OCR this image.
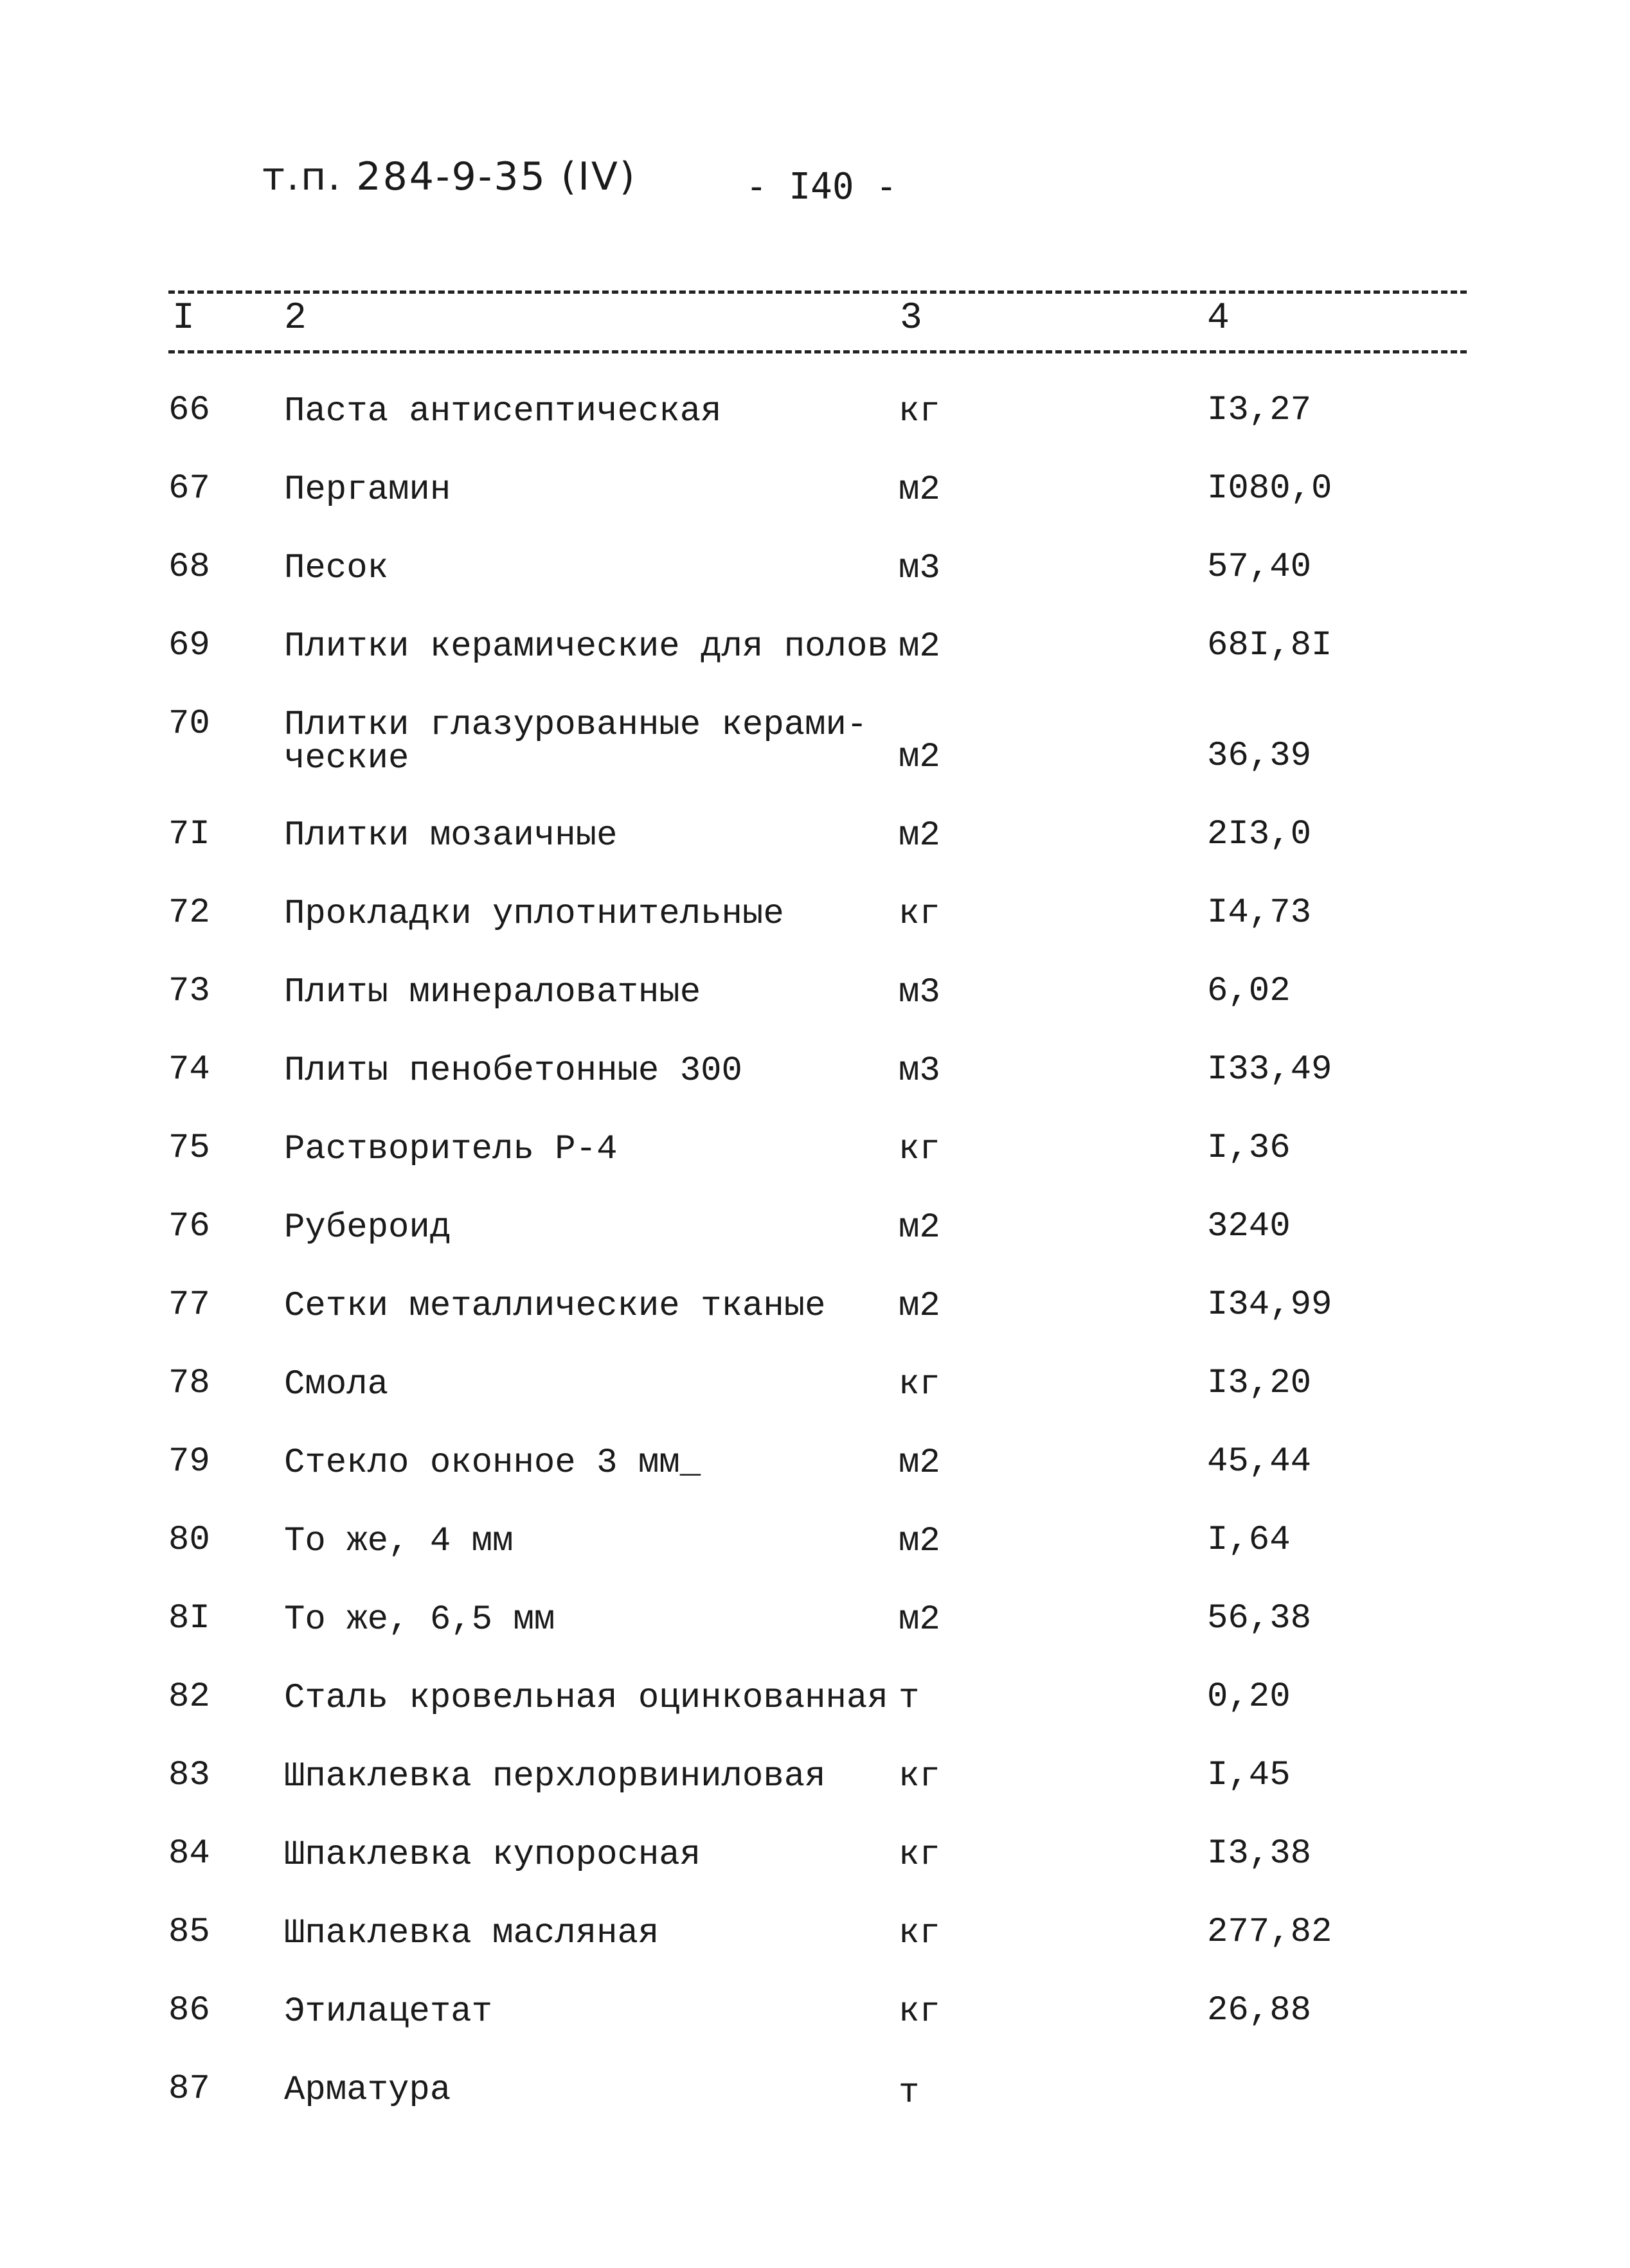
т.п. 284-9-35 (IV)	- I40 -
I 2	3	4
66 Паста антисептическая	кг	I3,27
67 Пергамин	м2	I080,0
68 Песок	м3	57,40
69 Плитки керамические для полов м2	68I,8I
70 Плитки глазурованные керами-
ческие	м2	36,39
7I Плитки мозаичные	м2	2I3,0
72 Прокладки уплотнительные	кг	I4,73
73 Плиты минераловатные	м3	6,02
74 Плиты пенобетонные 300	м3	I33,49
75 Растворитель Р-4	кг	I,36
76 Рубероид	м2	3240
77 Сетки металлические тканые м2	I34,99
78 Смола	кг	I3,20
79 Стекло оконное 3 мм_	м2	45,44
80 То же, 4 мм	м2	I,64
8I То же, 6,5 мм	м2	56,38
82 Сталь кровельная оцинкованная т	0,20
83 Шпаклевка перхлорвиниловая кг	I,45
84 Шпаклевка купоросная	кг	I3,38
85 Шпаклевка масляная	кг	277,82
86 Этилацетат	кг	26,88
87 Арматура	т
